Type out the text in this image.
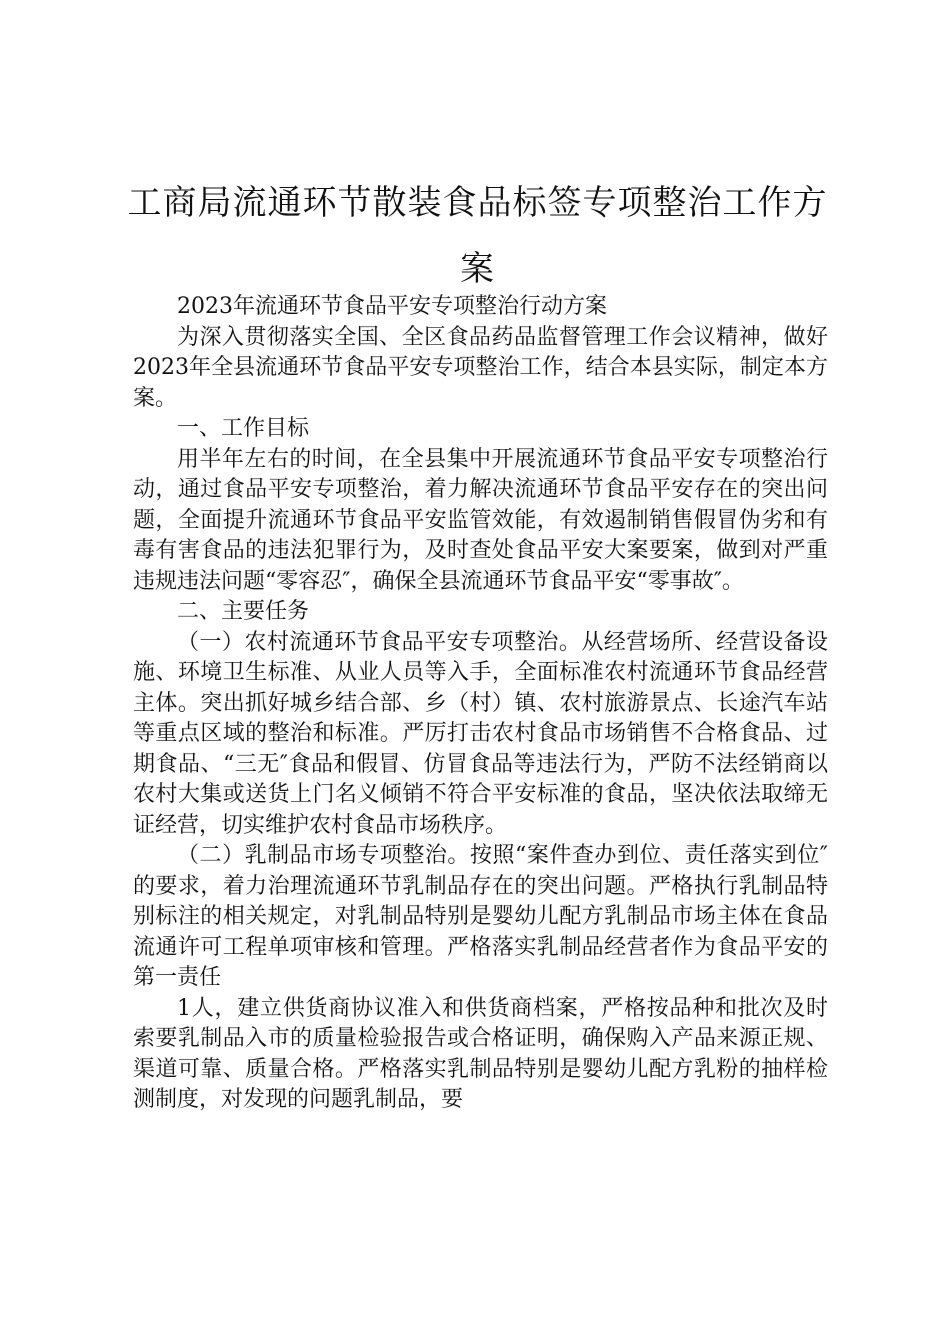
工商局流通环节散装食品标签专项整治工作方案

2023年流通环节食品平安专项整治行动方案

为深入贯彻落实全国、全区食品药品监督管理工作会议精神，做好2023年全县流通环节食品平安专项整治工作，结合本县实际，制定本方案。

一、工作目标

用半年左右的时间，在全县集中开展流通环节食品平安专项整治行动，通过食品平安专项整治，着力解决流通环节食品平安存在的突出问题，全面提升流通环节食品平安监管效能，有效遏制销售假冒伪劣和有毒有害食品的违法犯罪行为，及时查处食品平安大案要案，做到对严重违规违法问题“零容忍″，确保全县流通环节食品平安“零事故″。

二、主要任务

（一）农村流通环节食品平安专项整治。从经营场所、经营设备设施、环境卫生标准、从业人员等入手，全面标准农村流通环节食品经营主体。突出抓好城乡结合部、乡（村）镇、农村旅游景点、长途汽车站等重点区域的整治和标准。严厉打击农村食品市场销售不合格食品、过期食品、“三无″食品和假冒、仿冒食品等违法行为，严防不法经销商以农村大集或送货上门名义倾销不符合平安标准的食品，坚决依法取缔无证经营，切实维护农村食品市场秩序。

（二）乳制品市场专项整治。按照“案件查办到位、责任落实到位″的要求，着力治理流通环节乳制品存在的突出问题。严格执行乳制品特别标注的相关规定，对乳制品特别是婴幼儿配方乳制品市场主体在食品流通许可工程单项审核和管理。严格落实乳制品经营者作为食品平安的第一责任

1人，建立供货商协议准入和供货商档案，严格按品种和批次及时索要乳制品入市的质量检验报告或合格证明，确保购入产品来源正规、渠道可靠、质量合格。严格落实乳制品特别是婴幼儿配方乳粉的抽样检测制度，对发现的问题乳制品，要
